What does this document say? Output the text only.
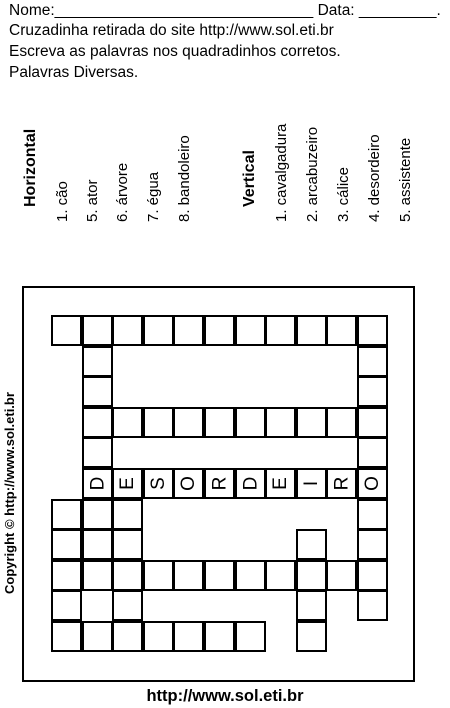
Nome:______________________________ Data: _________.
Cruzadinha retirada do site http://www.sol.eti.br
Escreva as palavras nos quadradinhos corretos.
Palavras Diversas.
Horizontal 1. cão 5. ator 6. árvore 7. égua 8. bandoleiro	Vertical 1. cavalgadura 2. arcabuzeiro 3. cálice 4. desordeiro 5. assistente
D E S O R D E I R O
Copyright © http://www.sol.eti.br
http://www.sol.eti.br
